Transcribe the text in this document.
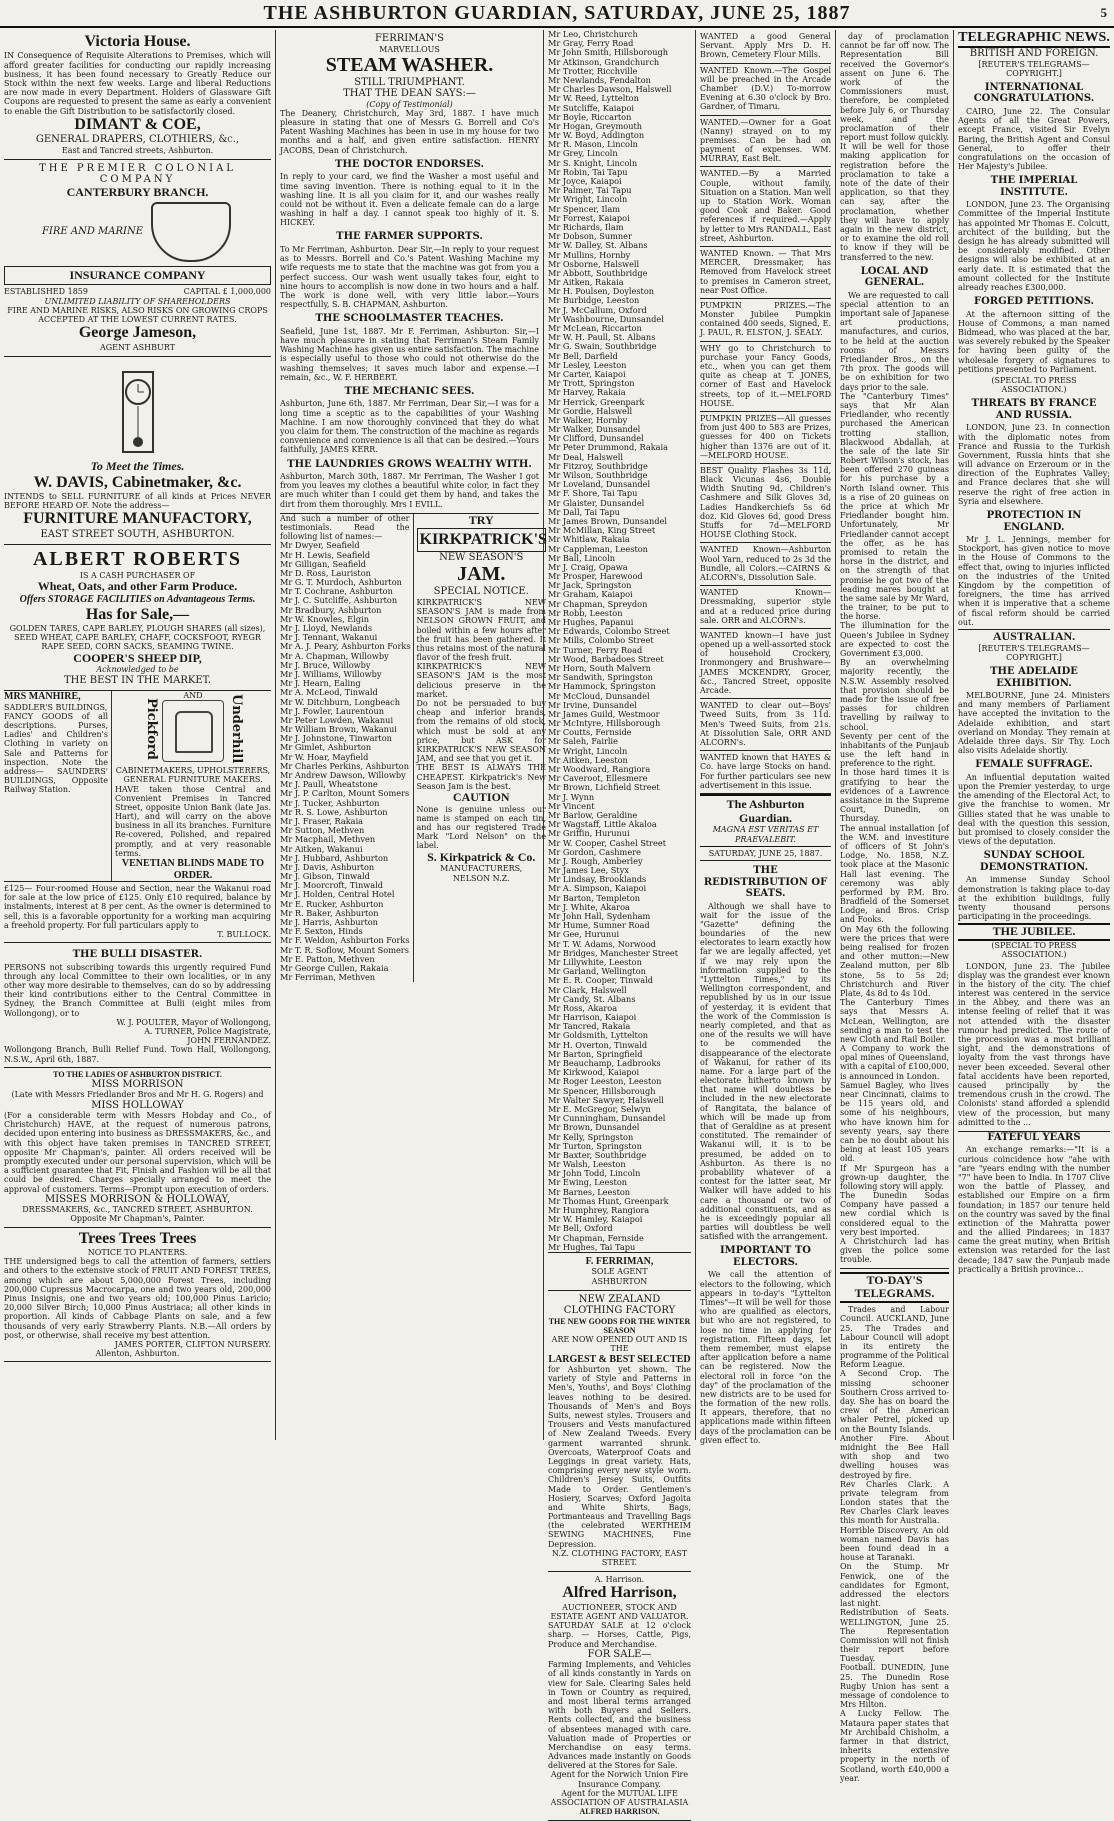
THE ASHBURTON GUARDIAN, SATURDAY, JUNE 25, 1887	5
Victoria House.
IN Consequence of Requisite Alterations to Premises, which will afford greater facilities for conducting our rapidly increasing business, it has been found necessary to Greatly Reduce our Stock within the next few weeks. Large and liberal Reductions are now made in every Department. Holders of Glassware Gift Coupons are requested to present the same as early a convenient to enable the Gift Distribution to be satisfactorily closed.
DIMANT & COE,
GENERAL DRAPERS, CLOTHIERS, &c.,
East and Tancred streets, Ashburton.
THE PREMIER COLONIAL COMPANY
CANTERBURY BRANCH.
FIRE AND MARINE
INSURANCE COMPANY
ESTABLISHED 1859	CAPITAL £ 1,000,000
UNLIMITED LIABILITY OF SHAREHOLDERS
FIRE AND MARINE RISKS, ALSO RISKS ON GROWING CROPS ACCEPTED AT THE LOWEST CURRENT RATES.
George Jameson,
AGENT ASHBURT
To Meet the Times.
W. DAVIS, Cabinetmaker, &c.
INTENDS to SELL FURNITURE of all kinds at Prices NEVER BEFORE HEARD OF. Note the address—
FURNITURE MANUFACTORY,
EAST STREET SOUTH, ASHBURTON.
ALBERT ROBERTS
IS A CASH PURCHASER OF
Wheat, Oats, and other Farm Produce.
Offers STORAGE FACILITIES on Advantageous Terms.
Has for Sale,—
GOLDEN TARES, CAPE BARLEY, PLOUGH SHARES (all sizes), SEED WHEAT, CAPE BARLEY, CHAFF, COCKSFOOT, RYEGR RAPE SEED, CORN SACKS, SEAMING TWINE.
COOPER'S SHEEP DIP,
Acknowledged to be
THE BEST IN THE MARKET.
MRS MANHIRE,
SADDLER'S BUILDINGS,
FANCY GOODS of all descriptions. Purses, Ladies' and Children's Clothing in variety on Sale and Patterns for inspection. Note the address— SAUNDERS' BUILDINGS, Opposite Railway Station.
Pickford
AND	Underhill
CABINETMAKERS, UPHOLSTERERS,
GENERAL FURNITURE MAKERS.
HAVE taken those Central and Convenient Premises in Tancred Street, opposite Union Bank (late Jas. Hart), and will carry on the above business in all its branches. Furniture Re-covered, Polished, and repaired promptly, and at very reasonable terms.
VENETIAN BLINDS MADE TO ORDER.
£125— Four-roomed House and Section, near the Wakanui road for sale at the low price of £125. Only £10 required, balance by instalments, interest at 8 per cent. As the owner is determined to sell, this is a favorable opportunity for a working man acquiring a freehold property. For full particulars apply to
T. BULLOCK.
THE BULLI DISASTER.
PERSONS not subscribing towards this urgently required Fund through any local Committee to their own localities, or in any other way more desirable to themselves, can do so by addressing their kind contributions either to the Central Committee in Sydney, the Branch Committee at Bulli (eight miles from Wollongong), or to
W. J. POULTER, Mayor of Wollongong,
A. TURNER, Police Magistrate,
JOHN FERNANDEZ.
Wollongong Branch, Bulli Relief Fund. Town Hall, Wollongong, N.S.W., April 6th, 1887.
TO THE LADIES OF ASHBURTON DISTRICT.
MISS MORRISON
(Late with Messrs Friedlander Bros and Mr H. G. Rogers) and
MISS HOLLOWAY
(For a considerable term with Messrs Hobday and Co., of Christchurch) HAVE, at the request of numerous patrons, decided upon entering into business as DRESSMAKERS, &c., and with this object have taken premises in TANCRED STREET, opposite Mr Chapman's, painter. All orders received will be promptly executed under our personal supervision, which will be a sufficient guarantee that Fit, Finish and Fashion will be all that could be desired. Charges specially arranged to meet the approval of customers. Terms—Prompt upon execution of orders.
MISSES MORRISON & HOLLOWAY,
DRESSMAKERS, &c., TANCRED STREET, ASHBURTON. Opposite Mr Chapman's, Painter.
Trees Trees Trees
NOTICE TO PLANTERS.
THE undersigned begs to call the attention of farmers, settlers and others to the extensive stock of FRUIT AND FOREST TREES, among which are about 5,000,000 Forest Trees, including 200,000 Cupressus Macrocarpa, one and two years old, 200,000 Pinus Insignis, one and two years old; 100,000 Pinus Laricio; 20,000 Silver Birch; 10,000 Pinus Austriaca; all other kinds in proportion. All kinds of Cabbage Plants on sale, and a few thousands of very early Strawberry Plants. N.B.—All orders by post, or otherwise, shall receive my best attention.
JAMES PORTER, CLIFTON NURSERY.
Allenton, Ashburton.
FERRIMAN'S
MARVELLOUS
STEAM WASHER.
STILL TRIUMPHANT.
THAT THE DEAN SAYS:—
(Copy of Testimonial)
The Deanery, Christchurch, May 3rd, 1887. I have much pleasure in stating that one of Messrs G. Borrell and Co's Patent Washing Machines has been in use in my house for two months and a half, and given entire satisfaction. HENRY JACOBS, Dean of Christchurch.
THE DOCTOR ENDORSES.
In reply to your card, we find the Washer a most useful and time saving invention. There is nothing equal to it in the washing line. It is all you claim for it, and our washes really could not be without it. Even a delicate female can do a large washing in half a day. I cannot speak too highly of it. S. HICKEY.
THE FARMER SUPPORTS.
To Mr Ferriman, Ashburton. Dear Sir,—In reply to your request as to Messrs. Borrell and Co.'s Patent Washing Machine my wife requests me to state that the machine was got from you a perfect success. Our wash went usually takes four, eight to nine hours to accomplish is now done in two hours and a half. The work is done well, with very little labor.—Yours respectfully, S. B. CHAPMAN, Ashburton.
THE SCHOOLMASTER TEACHES.
Seafield, June 1st, 1887. Mr F. Ferriman, Ashburton. Sir,—I have much pleasure in stating that Ferriman's Steam Family Washing Machine has given us entire satisfaction. The machine is especially useful to those who could not otherwise do the washing themselves; it saves much labor and expense.—I remain, &c., W. F. HERBERT.
THE MECHANIC SEES.
Ashburton, June 6th, 1887. Mr Ferriman, Dear Sir,—I was for a long time a sceptic as to the capabilities of your Washing Machine. I am now thoroughly convinced that they do what you claim for them. The construction of the machine as regards convenience and convenience is all that can be desired.—Yours faithfully, JAMES KERR.
THE LAUNDRIES GROWS WEALTHY WITH.
Ashburton, March 30th, 1887. Mr Ferriman, The Washer I got from you leaves my clothes a beautiful white color, in fact they are much whiter than I could get them by hand, and takes the dirt from them thoroughly. Mrs I EVILL.
And such a number of other testimonials. Read the following list of names:—
Mr Dwyer, Seafield
Mr H. Lewis, Seafield
Mr Gilligan, Seafield
Mr D. Ross, Lauriston
Mr G. T. Murdoch, Ashburton
Mr T. Cochrane, Ashburton
Mr J. C. Sutcliffe, Ashburton
Mr Bradbury, Ashburton
Mr W. Knowles, Elgin
Mr J. Lloyd, Newlands
Mr J. Tennant, Wakanui
Mr A. J. Peary, Ashburton Forks
Mr A. Chapman, Willowby
Mr J. Bruce, Willowby
Mr J. Williams, Willowby
Mr J. Hearn, Ealing
Mr A. McLeod, Tinwald
Mr W. Ditchburn, Longbeach
Mr J. Fowler, Laurentoun
Mr Peter Lowden, Wakanui
Mr William Brown, Wakanui
Mr J. Johnstone, Tinwarton
Mr Gimlet, Ashburton
Mr W. Hoar, Mayfield
Mr Charles Perkins, Ashburton
Mr Andrew Dawson, Willowby
Mr J. Paull, Wheatstone
Mr J. P. Carlton, Mount Somers
Mr J. Tucker, Ashburton
Mr R. S. Lowe, Ashburton
Mr J. Fraser, Rakaia
Mr Sutton, Methven
Mr Macphail, Methven
Mr Aitken, Wakanui
Mr J. Hubbard, Ashburton
Mr J. Davis, Ashburton
Mr J. Gibson, Tinwald
Mr J. Moorcroft, Tinwald
Mr J. Holden, Central Hotel
Mr E. Rucker, Ashburton
Mr R. Baker, Ashburton
Mr J. Harris, Ashburton
Mr F. Sexton, Hinds
Mr F. Weldon, Ashburton Forks
Mr T. R. Soflow, Mount Somers
Mr E. Patton, Methven
Mr George Cullen, Rakaia
Mr Ferriman, Methven
TRY
KIRKPATRICK'S
NEW SEASON'S
JAM.
SPECIAL NOTICE.
KIRKPATRICK'S NEW SEASON'S JAM is made from NELSON GROWN FRUIT, and boiled within a few hours after the fruit has been gathered. It thus retains most of the natural flavor of the fresh fruit.
KIRKPATRICK'S NEW SEASON'S JAM is the most delicious preserve in the market.
Do not be persuaded to buy cheap and inferior brands, from the remains of old stock, which must be sold at any price, but ASK for KIRKPATRICK'S NEW SEASON JAM, and see that you get it.
THE BEST IS ALWAYS THE CHEAPEST. Kirkpatrick's New Season Jam is the best.
CAUTION
None is genuine unless our name is stamped on each tin, and has our registered Trade Mark "Lord Nelson" on the label.
S. Kirkpatrick & Co.
MANUFACTURERS,
NELSON N.Z.
Mr Leo, Christchurch
Mr Gray, Ferry Road
Mr John Smith, Hillsborough
Mr Atkinson, Grandchurch
Mr Trotter, Ricchville
Mr Newlands, Fendalton
Mr Charles Dawson, Halswell
Mr W. Reed, Lyttelton
Mr Sutcliffe, Kaiapoi
Mr Boyle, Riccarton
Mr Hogan, Greymouth
Mr W. Boyd, Addington
Mr R. Mason, Lincoln
Mr Grey, Lincoln
Mr S. Knight, Lincoln
Mr Robin, Tai Tapu
Mr Joyce, Kaiapoi
Mr Palmer, Tai Tapu
Mr Wright, Lincoln
Mr Spencer, Ilam
Mr Forrest, Kaiapoi
Mr Richards, Ilam
Mr Dobson, Sumner
Mr W. Dalley, St. Albans
Mr Mullins, Hornby
Mr Osborne, Halswell
Mr Abbott, Southbridge
Mr Aitken, Rakaia
Mr H. Poulsen, Doyleston
Mr Burbidge, Leeston
Mr J. McCallum, Oxford
Mr Washbourne, Dunsandel
Mr McLean, Riccarton
Mr W. H. Paull, St. Albans
Mr G. Swain, Southbridge
Mr Bell, Darfield
Mr Lesley, Leeston
Mr Carter, Kaiapoi
Mr Trott, Springston
Mr Harvey, Rakaia
Mr Herrick, Greenpark
Mr Gordie, Halswell
Mr Walker, Hornby
Mr Walker, Dunsandel
Mr Clifford, Dunsandel
Mr Peter Drummond, Rakaia
Mr Deal, Halswell
Mr Fitzroy, Southbridge
Mr Wilson, Southbridge
Mr Loveland, Dunsandel
Mr F. Shore, Tai Tapu
Mr Glaister, Dunsandel
Mr Dall, Tai Tapu
Mr James Brown, Dunsandel
Mr McMillan, King Street
Mr Whitlaw, Rakaia
Mr Cappleman, Leeston
Mr Ball, Lincoln
Mr J. Craig, Opawa
Mr Prosper, Harewood
Mr Jack, Springston
Mr Graham, Kaiapoi
Mr Chapman, Spreydon
Mr Robb, Leeston
Mr Hughes, Papanui
Mr Edwards, Colombo Street
Mr Mills, Colombo Street
Mr Turner, Ferry Road
Mr Wood, Barbadoes Street
Mr Horn, South Malvern
Mr Sandwith, Springston
Mr Hammock, Springston
Mr McCloud, Dunsandel
Mr Irvine, Dunsandel
Mr James Guild, Westmoor
Mr McIntyre, Hillsborough
Mr Coutts, Fernside
Mr Saleh, Fairlie
Mr Wright, Lincoln
Mr Aitken, Leeston
Mr Woodward, Rangiora
Mr Caveroot, Ellesmere
Mr Brown, Lichfield Street
Mr J. Wynn
Mr Vincent
Mr Barlow, Geraldine
Mr Wagstaff, Little Akaloa
Mr Griffin, Hurunui
Mr W. Cooper, Cashel Street
Mr Gordon, Cashmere
Mr J. Rough, Amberley
Mr James Lee, Styx
Mr Lindsay, Brooklands
Mr A. Simpson, Kaiapoi
Mr Barton, Templeton
Mr J. White, Akaroa
Mr John Hall, Sydenham
Mr Hume, Sumner Road
Mr Gee, Hurunui
Mr T. W. Adams, Norwood
Mr Bridges, Manchester Street
Mr Lillywhite, Leeston
Mr Garland, Wellington
Mr E. R. Cooper, Tinwald
Mr Clark, Halswell
Mr Candy, St. Albans
Mr Ross, Akaroa
Mr Harrison, Kaiapoi
Mr Tancred, Rakaia
Mr Goldsmith, Lyttelton
Mr H. Overton, Tinwald
Mr Barton, Springfield
Mr Beauchamp, Ladbrooks
Mr Kirkwood, Kaiapoi
Mr Roger Leeston, Leeston
Mr Spencer, Hillsborough
Mr Walter Sawyer, Halswell
Mr E. McGregor, Selwyn
Mr Cunningham, Dunsandel
Mr Brown, Dunsandel
Mr Kelly, Springston
Mr Turton, Springston
Mr Baxter, Southbridge
Mr Walsh, Leeston
Mr John Todd, Lincoln
Mr Ewing, Leeston
Mr Barnes, Leeston
Mr Thomas Hunt, Greenpark
Mr Humphrey, Rangiora
Mr W. Hamley, Kaiapoi
Mr Bell, Oxford
Mr Chapman, Fernside
Mr Hughes, Tai Tapu
F. FERRIMAN,
SOLE AGENT
ASHBURTON
NEW ZEALAND CLOTHING FACTORY
THE NEW GOODS FOR THE WINTER SEASON
ARE NOW OPENED OUT AND IS THE
LARGEST & BEST SELECTED
for Ashburton yet shown. The variety of Style and Patterns in Men's, Youths', and Boys' Clothing leaves nothing to be desired. Thousands of Men's and Boys Suits, newest styles. Trousers and Trousers and Vests manufactured of New Zealand Tweeds. Every garment warranted shrunk. Overcoats, Waterproof Coats and Leggings in great variety. Hats, comprising every new style worn. Children's Jersey Suits, Outfits Made to Order. Gentlemen's Hosiery, Scarves; Oxford Jagoita and White Shirts, Bags, Portmanteaus and Travelling Bags (the celebrated WERTHEIM SEWING MACHINES, Fine Depression.
N.Z. CLOTHING FACTORY, EAST STREET.
A. Harrison.
Alfred Harrison,
AUCTIONEER, STOCK AND ESTATE AGENT AND VALUATOR.
SATURDAY SALE at 12 o'clock sharp. — Horses, Cattle, Pigs, Produce and Merchandise.
FOR SALE—
Farming Implements, and Vehicles of all kinds constantly in Yards on view for Sale. Clearing Sales held in Town or Country as required, and most liberal terms arranged with both Buyers and Sellers. Rents collected, and the business of absentees managed with care. Valuation made of Properties or Merchandise on easy terms. Advances made instantly on Goods delivered at the Stores for Sale.
Agent for the Norwich Union Fire Insurance Company.
Agent for the MUTUAL LIFE ASSOCIATION OF AUSTRALASIA
ALFRED HARRISON.
WANTED a good General Servant. Apply Mrs D. H. Brown, Cemetery Flour Mills.
WANTED Known.—The Gospel will be preached in the Arcade Chamber (D.V.) To-morrow Evening at 6.30 o'clock by Bro. Gardner, of Timaru.
WANTED.—Owner for a Goat (Nanny) strayed on to my premises. Can be had on payment of expenses. WM. MURRAY, East Belt.
WANTED.—By a Married Couple, without family, Situation on a Station. Man well up to Station Work. Woman good Cook and Baker. Good references if required.—Apply by letter to Mrs RANDALL, East street, Ashburton.
WANTED Known. — That Mrs MERCER, Dressmaker, has Removed from Havelock street to premises in Cameron street, near Post Office.
PUMPKIN PRIZES.—The Monster Jubilee Pumpkin contained 400 seeds, Signed, E. J. PAUL, R. ELSTON, J. SEALY.
WHY go to Christchurch to purchase your Fancy Goods, etc., when you can get them quite as cheap at T. JONES, corner of East and Havelock streets, top of it.—MELFORD HOUSE.
PUMPKIN PRIZES—All guesses from just 400 to 583 are Prizes, guesses for 400 on Tickets higher than 1376 are out of it.—MELFORD HOUSE.
BEST Quality Flashes 3s 11d, Black Vicunas 4s6, Double Width Snuting 9d, Children's Cashmere and Silk Gloves 3d, Ladies Handkerchiefs 5s 6d doz. Kid Gloves 6d, good Dress Stuffs for 7d—MELFORD HOUSE Clothing Stock.
WANTED Known—Ashburton Wool Yarn, reduced to 2s 3d the Bundle, all Colors.—CAIRNS & ALCORN's, Dissolution Sale.
WANTED Known— Dressmaking, superior style and at a reduced price during sale. ORR and ALCORN's.
WANTED known—I have just opened up a well-assorted stock of household Crockery, Ironmongery and Brushware—JAMES MCKENDRY, Grocer, &c., Tancred Street, opposite Arcade.
WANTED to clear out—Boys' Tweed Suits, from 3s 11d. Men's Tweed Suits, from 21s. At Dissolution Sale, ORR AND ALCORN's.
WANTED known that HAYES & Co. have large Stocks on hand. For further particulars see new advertisement in this issue.
The Ashburton Guardian.
MAGNA EST VERITAS ET PRAEVALEBIT.
SATURDAY, JUNE 25, 1887.
THE REDISTRIBUTION OF SEATS.
Although we shall have to wait for the issue of the "Gazette" defining the boundaries of the new electorates to learn exactly how far we are legally affected, yet if we may rely upon the information supplied to the "Lyttelton Times," by its Wellington correspondent, and republished by us in our issue of yesterday, it is evident that the work of the Commission is nearly completed, and that as one of the results we will have to be commended the disappearance of the electorate of Wakanui, for rather of its name. For a large part of the electorate hitherto known by that name will doubtless be included in the new electorate of Rangitata, the balance of which will be made up from that of Geraldine as at present constituted. The remainder of Wakanui will, it is to be presumed, be added on to Ashburton. As there is no probability whatever of a contest for the latter seat, Mr Walker will have added to his care a thousand or two of additional constituents, and as he is exceedingly popular all parties will doubtless be well satisfied with the arrangement.
IMPORTANT TO ELECTORS.
We call the attention of electors to the following, which appears in to-day's "Lyttelton Times"—It will be well for those who are qualified as electors, but who are not registered, to lose no time in applying for registration. Fifteen days, let them remember, must elapse after application before a name can be registered. Now the electoral roll in force "on the day" of the proclamation of the new districts are to be used for the formation of the new rolls. It appears, therefore, that no applications made within fifteen days of the proclamation can be given effect to.
day of proclamation cannot be far off now. The Representation Bill received the Governor's assent on June 6. The work of the Commissioners must, therefore, be completed before July 6, or Thursday week, and the proclamation of their report must follow quickly. It will be well for those making application for registration before the proclamation to take a note of the date of their application, so that they can say, after the proclamation, whether they will have to apply again in the new district, or to examine the old roll to know if they will be transferred to the new.
LOCAL AND GENERAL.
We are requested to call special attention to an important sale of Japanese art productions, manufactures, and curios, to be held at the auction rooms of Messrs Friedlander Bros., on the 7th prox. The goods will be on exhibition for two days prior to the sale.
The "Canterbury Times" says that Mr Alan Friedlander, who recently purchased the American trotting stallion, Blackwood Abdallah, at the sale of the late Sir Robert Wilson's stock, has been offered 270 guineas for his purchase by a North Island owner. This is a rise of 20 guineas on the price at which Mr Friedlander bought him. Unfortunately, Mr Friedlander cannot accept the offer, as he has promised to retain the horse in the district, and on the strength of that promise he got two of the leading mares bought at the same sale by Mr Ward, the trainer, to be put to the horse.
The illumination for the Queen's Jubilee in Sydney are expected to cost the Government £3,000.
By an overwhelming majority recently, the N.S.W. Assembly resolved that provision should be made for the issue of free passes for children travelling by railway to school.
Seventy per cent of the inhabitants of the Punjaub use the left hand in preference to the right.
In those hard times it is gratifying to hear the evidences of a Lawrence assistance in the Supreme Court, Dunedin, on Thursday.
The annual installation [of the W.M. and investiture of officers of St John's Lodge, No. 1858, N.Z. took place at the Masonic Hall last evening. The ceremony was ably performed by P.M. Bro. Bradfield of the Somerset Lodge, and Bros. Crisp and Fooks.
On May 6th the following were the prices that were being realised for frozen and other mutton:—New Zealand mutton, per 8lb stone, 5s to 5s 2d; Christchurch and River Plate, 4s 8d to 4s 10d.
The Canterbury Times says that Messrs A. McLean, Wellington, are sending a man to test the new Cloth and Rail Boiler.
A Company to work the opal mines of Queensland, with a capital of £100,000, is announced in London.
Samuel Bagley, who lives near Cincinnati, claims to be 115 years old, and some of his neighbours, who have known him for seventy years, say there can be no doubt about his being at least 105 years old.
If Mr Spurgeon has a grown-up daughter, the following story will apply.
The Dunedin Sodas Company have passed a new cordial which is considered equal to the very best imported.
A Christchurch lad has given the police some trouble.
TO-DAY'S TELEGRAMS.
Trades and Labour Council. AUCKLAND, June 25. The Trades and Labour Council will adopt in its entirety the programme of the Political Reform League.
A Second Crop. The missing schooner Southern Cross arrived to-day. She has on board the crew of the American whaler Petrel, picked up on the Bounty Islands.
Another Fire. About midnight the Bee Hall with shop and two dwelling houses was destroyed by fire.
Rev Charles Clark. A private telegram from London states that the Rev Charles Clark leaves this month for Australia.
Horrible Discovery. An old woman named Davis has been found dead in a house at Taranaki.
On the Stump. Mr Fenwick, one of the candidates for Egmont, addressed the electors last night.
Redistribution of Seats. WELLINGTON, June 25. The Representation Commission will not finish their report before Tuesday.
Football. DUNEDIN, June 25. The Dunedin Rose Rugby Union has sent a message of condolence to Mrs Hilton.
A Lucky Fellow. The Mataura paper states that Mr Archibald Chisholm, a farmer in that district, inherits extensive property in the north of Scotland, worth £40,000 a year.
TELEGRAPHIC NEWS.
BRITISH AND FOREIGN.
[REUTER'S TELEGRAMS—COPYRIGHT.]
INTERNATIONAL CONGRATULATIONS.
CAIRO, June 22. The Consular Agents of all the Great Powers, except France, visited Sir Evelyn Baring, the British Agent and Consul General, to offer their congratulations on the occasion of Her Majesty's Jubilee.
THE IMPERIAL INSTITUTE.
LONDON, June 23. The Organising Committee of the Imperial Institute has appointed Mr Thomas E. Colcutt, architect of the building, but the design he has already submitted will be considerably modified. Other designs will also be exhibited at an early date. It is estimated that the amount collected for the Institute already reaches £300,000.
FORGED PETITIONS.
At the afternoon sitting of the House of Commons, a man named Bidmead, who was placed at the bar, was severely rebuked by the Speaker for having been guilty of the wholesale forgery of signatures to petitions presented to Parliament.
(SPECIAL TO PRESS ASSOCIATION.)
THREATS BY FRANCE AND RUSSIA.
LONDON, June 23. In connection with the diplomatic notes from France and Russia to the Turkish Government, Russia hints that she will advance on Erzeroum or in the direction of the Euphrates Valley; and France declares that she will reserve the right of free action in Syria and elsewhere.
PROTECTION IN ENGLAND.
Mr J. L. Jennings, member for Stockport, has given notice to move in the House of Commons to the effect that, owing to injuries inflicted on the industries of the United Kingdom by the competition of foreigners, the time has arrived when it is imperative that a scheme of fiscal reform should be carried out.
AUSTRALIAN.
[REUTER'S TELEGRAMS—COPYRIGHT.]
THE ADELAIDE EXHIBITION.
MELBOURNE, June 24. Ministers and many members of Parliament have accepted the invitation to the Adelaide exhibition, and start overland on Monday. They remain at Adelaide three days. Sir Thy. Loch also visits Adelaide shortly.
FEMALE SUFFRAGE.
An influential deputation waited upon the Premier yesterday, to urge the amending of the Electoral Act, to give the franchise to women. Mr Gillies stated that he was unable to deal with the question this session, but promised to closely consider the views of the deputation.
SUNDAY SCHOOL DEMONSTRATION.
An immense Sunday School demonstration is taking place to-day at the exhibition buildings, fully twenty thousand persons participating in the proceedings.
THE JUBILEE.
(SPECIAL TO PRESS ASSOCIATION.)
LONDON, June 23. The Jubilee display was the grandest ever known in the history of the city. The chief interest was centered in the service in the Abbey, and there was an intense feeling of relief that it was not attended with the disaster rumour had predicted. The route of the procession was a most brilliant sight, and the demonstrations of loyalty from the vast throngs have never been exceeded. Several other fatal accidents have been reported, caused principally by the tremendous crush in the crowd. The Colonists' stand afforded a splendid view of the procession, but many admitted to the ...
FATEFUL YEARS
An exchange remarks:—"It is a curious coincidence how "ahe with "are "years ending with the number "7" have been to India. In 1707 Clive won the battle of Plassey, and established our Empire on a firm foundation; in 1857 our tenure held on the country was saved by the final extinction of the Mahratta power and the allied Pindarees; in 1837 came the great mutiny, when British extension was retarded for the last decade; 1847 saw the Punjaub made practically a British province...
